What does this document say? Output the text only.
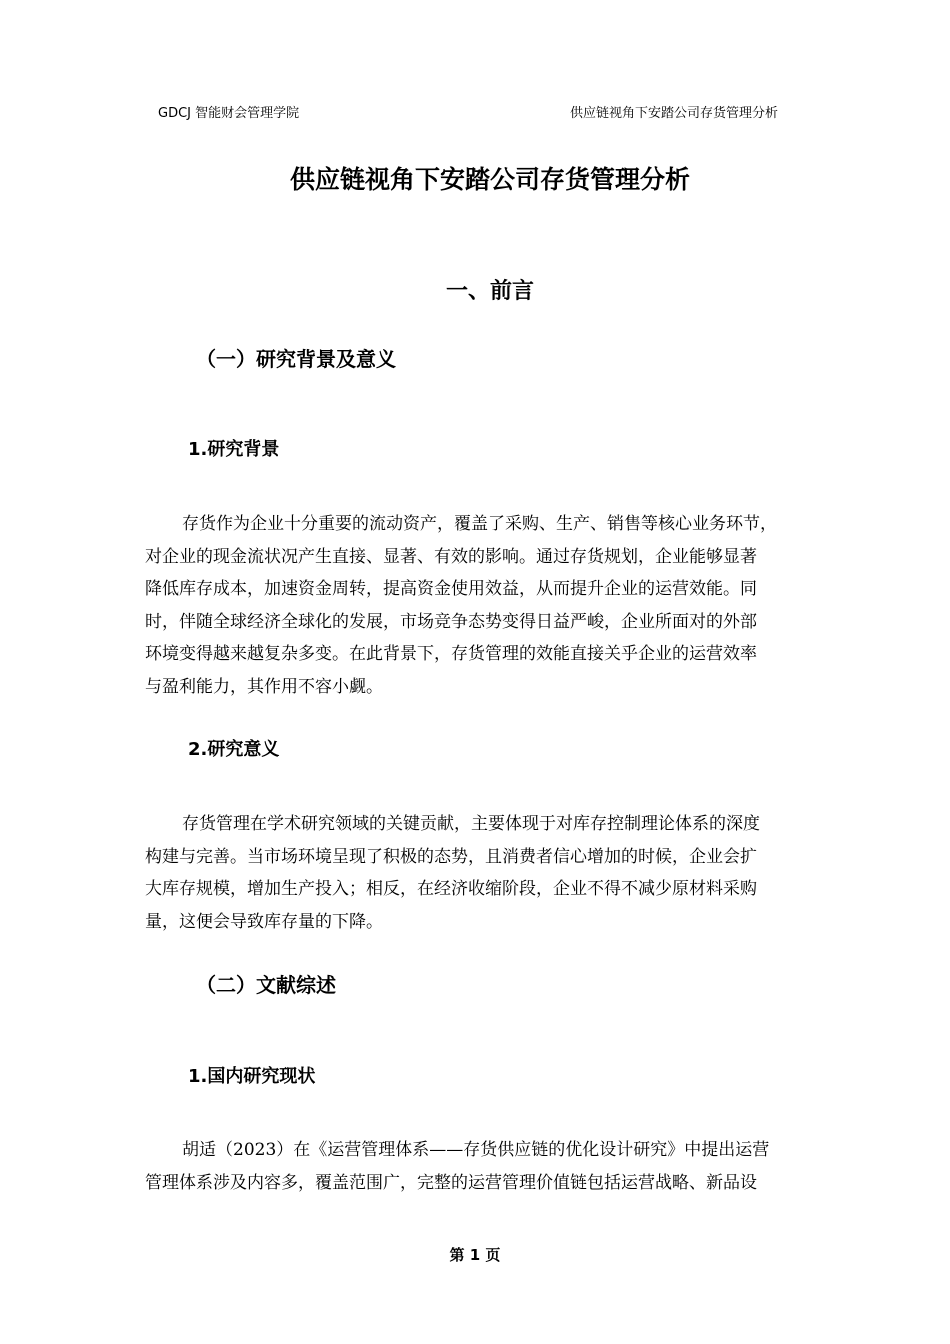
GDCJ 智能财会管理学院	供应链视角下安踏公司存货管理分析
供应链视角下安踏公司存货管理分析
一、前言
（一）研究背景及意义
1.研究背景
存货作为企业十分重要的流动资产，覆盖了采购、生产、销售等核心业务环节，
对企业的现金流状况产生直接、显著、有效的影响。通过存货规划，企业能够显著
降低库存成本，加速资金周转，提高资金使用效益，从而提升企业的运营效能。同
时，伴随全球经济全球化的发展，市场竞争态势变得日益严峻，企业所面对的外部
环境变得越来越复杂多变。在此背景下，存货管理的效能直接关乎企业的运营效率
与盈利能力，其作用不容小觑。
2.研究意义
存货管理在学术研究领域的关键贡献，主要体现于对库存控制理论体系的深度
构建与完善。当市场环境呈现了积极的态势，且消费者信心增加的时候，企业会扩
大库存规模，增加生产投入；相反，在经济收缩阶段，企业不得不减少原材料采购
量，这便会导致库存量的下降。
（二）文献综述
1.国内研究现状
胡适（2023）在《运营管理体系——存货供应链的优化设计研究》中提出运营
管理体系涉及内容多，覆盖范围广，完整的运营管理价值链包括运营战略、新品设
第 1 页
